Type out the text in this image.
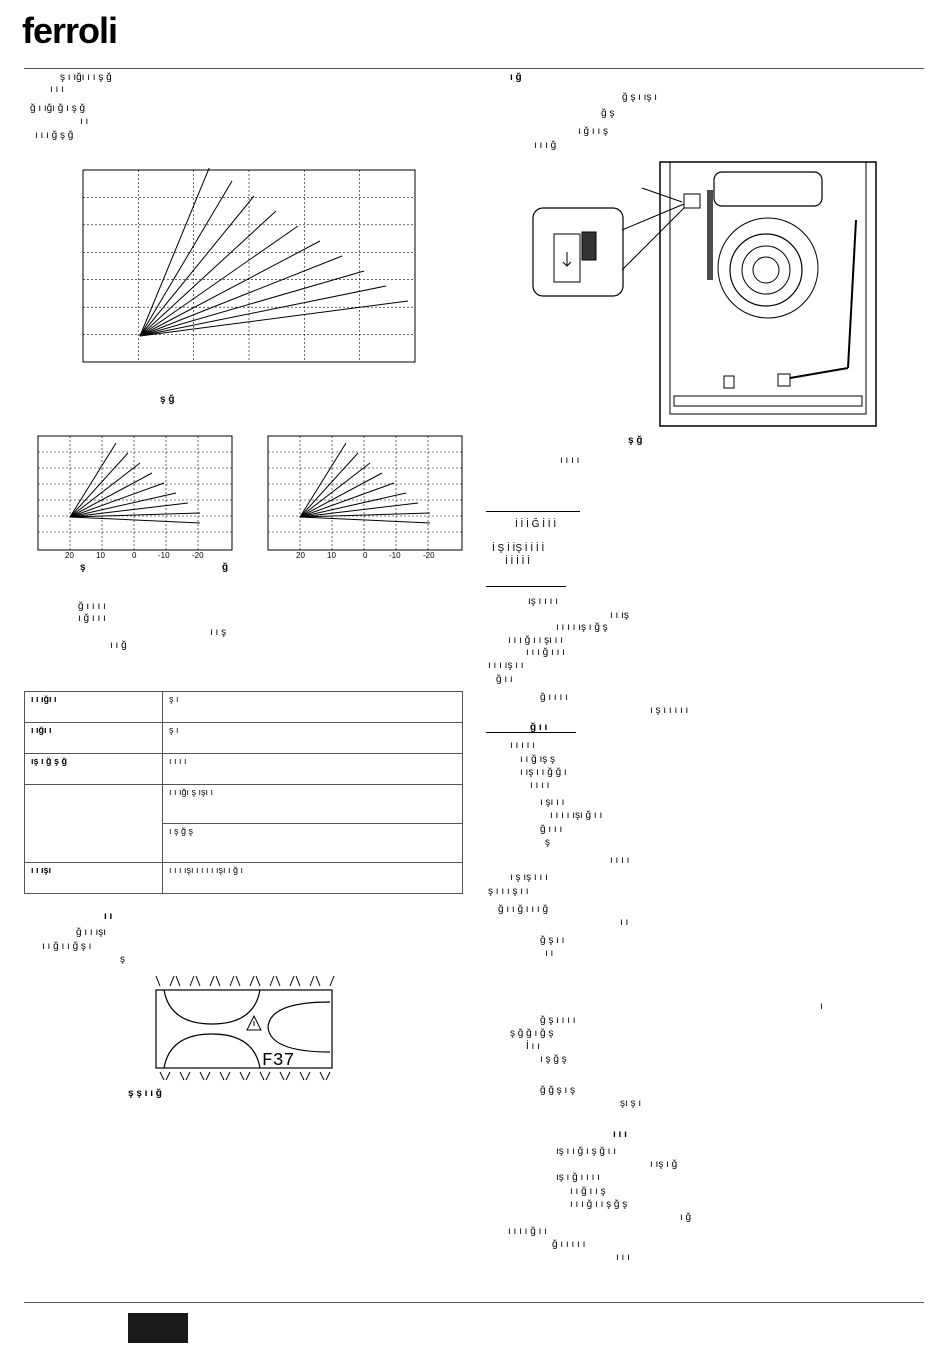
ferroli
ş ı ığı ı ı ş ğ
ı ı ı
ğ ı ığı ğ ı ş ğ
ı ı
ı ı ı ğ ş ğ
ş ğ
20	10	0	-10	-20	20	10	0	-10	-20
ş	ğ
ğ ı ı ı ı
ı ğ ı ı ı
ı ı ş
ı ı ğ
ı ı ığı ı	ş ı
ı ığı ı	ş ı
ış ı ğ ş ğ	ı ı ı ı
	ı ı ığı ş ışı ı
	ı ş ğ ş
ı ı ışı	ı ı ı ışı ı ı ı ı ışı ı ğ ı
ı ı
ğ ı ı ışı
ı ı ğ ı ı ğ ş ı
ş
F37
ş ş ı ı ğ
ı ğ
ğ ş ı ış ı
ğ ş
ı ğ ı ı ş
ı ı ı ğ
ş ğ
ı ı ı ı
İ İ İ Ğ İ İ İ
İ Ş İ İŞ İ İ İ İ
İ İ İ İ İ
ış ı ı ı ı
ı ı ış
ı ı ı ı ış ı ğ ş
ı ı ı ğ ı ı şı ı ı
ı ı ı ğ ı ı ı
ı ı ı ış ı ı
ğ ı ı
ğ ı ı ı ı
ı ş ı ı ı ı ı
ğ ı ı
ı ı ı ı ı
ı ı ğ ış ş
ı ış ı ı ğ ğ ı
ı ı ı ı
ı şı ı ı
ı ı ı ı ışı ğ ı ı
ğ ı ı ı
ş
ı ı ı ı
ı ş ış ı ı ı
ş ı ı ı ş ı ı
ğ ı ı ğ ı ı ı ğ
ı ı
ğ ş ı ı
ı ı
ı
ğ ş ı ı ı ı
ş ğ ğ ı ğ ş
İ ı ı
ı ş ğ ş
ğ ğ ş ı ş
şı ş ı
ı ı ı
ış ı ı ğ ı ş ğ ı ı
ı ış ı ğ
ış ı ğ ı ı ı ı
ı ı ğ ı ı ş
ı ı ı ğ ı ı ş ğ ş
ı ğ
ı ı ı ı ğ ı ı
ğ ı ı ı ı ı
ı ı ı
